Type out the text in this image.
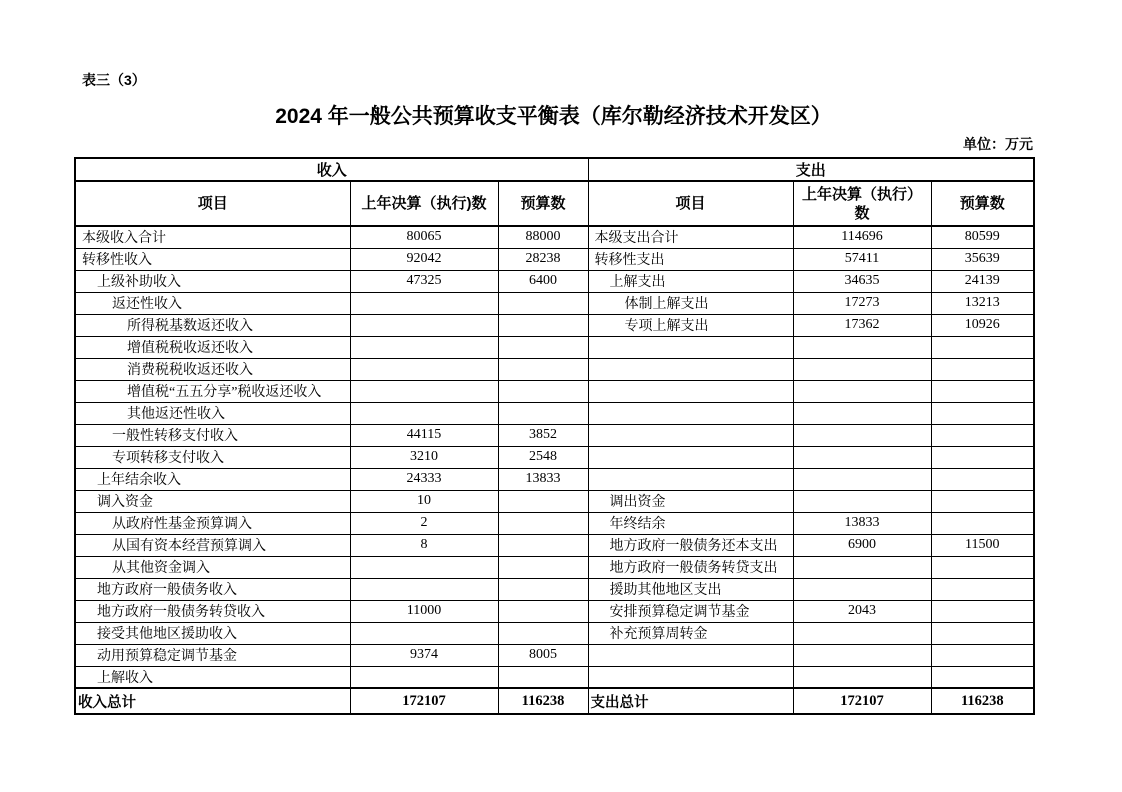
表三（3）
2024 年一般公共预算收支平衡表（库尔勒经济技术开发区）
单位：万元
收入			支出		
项目	上年决算（执行)数	预算数	项目	上年决算（执行）数	预算数
本级收入合计	80065	88000	本级支出合计	114696	80599
转移性收入	92042	28238	转移性支出	57411	35639
上级补助收入	47325	6400	上解支出	34635	24139
返还性收入			体制上解支出	17273	13213
所得税基数返还收入			专项上解支出	17362	10926
增值税税收返还收入					
消费税税收返还收入					
增值税“五五分享”税收返还收入					
其他返还性收入					
一般性转移支付收入	44115	3852			
专项转移支付收入	3210	2548			
上年结余收入	24333	13833			
调入资金	10		调出资金		
从政府性基金预算调入	2		年终结余	13833	
从国有资本经营预算调入	8		地方政府一般债务还本支出	6900	11500
从其他资金调入			地方政府一般债务转贷支出		
地方政府一般债务收入			援助其他地区支出		
地方政府一般债务转贷收入	11000		安排预算稳定调节基金	2043	
接受其他地区援助收入			补充预算周转金		
动用预算稳定调节基金	9374	8005			
上解收入					
收入总计	172107	116238	支出总计	172107	116238
